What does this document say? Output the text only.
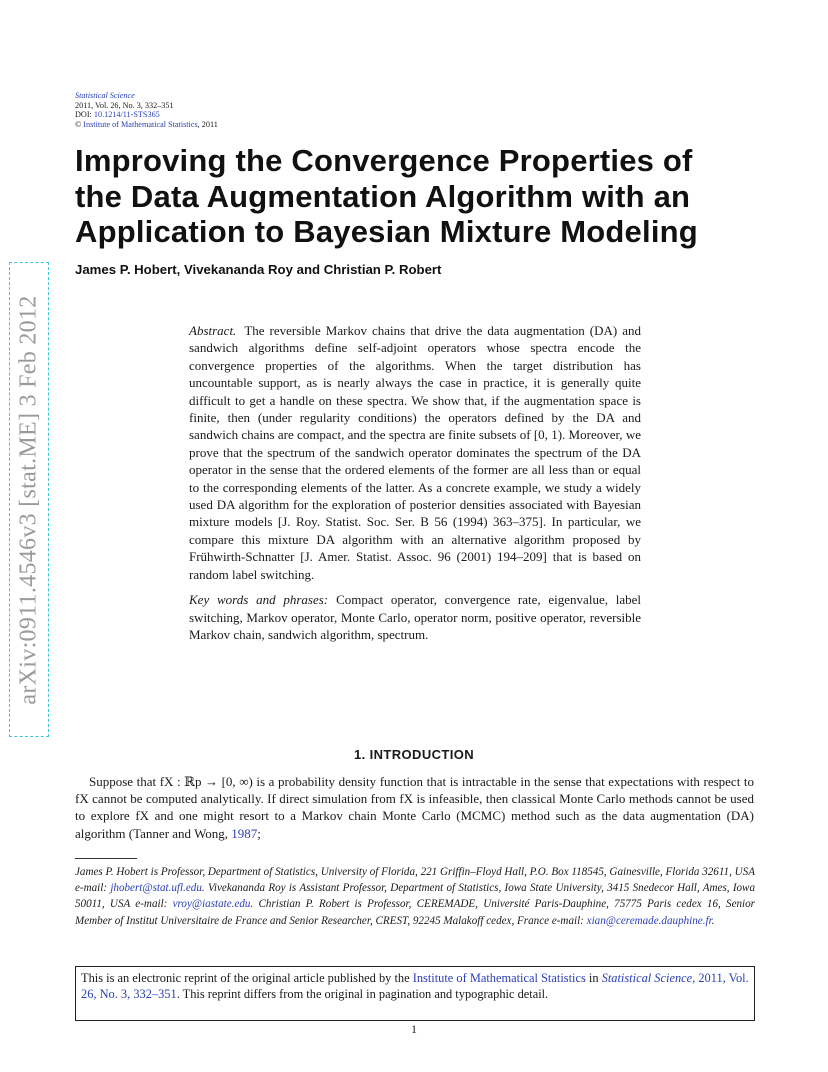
Statistical Science
2011, Vol. 26, No. 3, 332–351
DOI: 10.1214/11-STS365
© Institute of Mathematical Statistics, 2011
Improving the Convergence Properties of
the Data Augmentation Algorithm with an
Application to Bayesian Mixture Modeling
James P. Hobert, Vivekananda Roy and Christian P. Robert
arXiv:0911.4546v3 [stat.ME] 3 Feb 2012	Abstract. The reversible Markov chains that drive the data augmentation (DA) and sandwich algorithms define self-adjoint operators whose spectra encode the convergence properties of the algorithms. When the target distribution has uncountable support, as is nearly always the case in practice, it is generally quite difficult to get a handle on these spectra. We show that, if the augmentation space is finite, then (under regularity conditions) the operators defined by the DA and sandwich chains are compact, and the spectra are finite subsets of [0, 1). Moreover, we prove that the spectrum of the sandwich operator dominates the spectrum of the DA operator in the sense that the ordered elements of the former are all less than or equal to the corresponding elements of the latter. As a concrete example, we study a widely used DA algorithm for the exploration of posterior densities associated with Bayesian mixture models [J. Roy. Statist. Soc. Ser. B 56 (1994) 363–375]. In particular, we compare this mixture DA algorithm with an alternative algorithm proposed by Frühwirth-Schnatter [J. Amer. Statist. Assoc. 96 (2001) 194–209] that is based on random label switching.

Key words and phrases: Compact operator, convergence rate, eigenvalue, label switching, Markov operator, Monte Carlo, operator norm, positive operator, reversible Markov chain, sandwich algorithm, spectrum.

1. INTRODUCTION

Suppose that fX : ℝp → [0, ∞) is a probability density function that is intractable in the sense that expectations with respect to fX cannot be computed analytically. If direct simulation from fX is infeasible, then classical Monte Carlo methods cannot be used to explore fX and one might resort to a Markov chain Monte Carlo (MCMC) method such as the data augmentation (DA) algorithm (Tanner and Wong, 1987;

James P. Hobert is Professor, Department of Statistics, University of Florida, 221 Griffin–Floyd Hall, P.O. Box 118545, Gainesville, Florida 32611, USA e-mail: jhobert@stat.ufl.edu. Vivekananda Roy is Assistant Professor, Department of Statistics, Iowa State University, 3415 Snedecor Hall, Ames, Iowa 50011, USA e-mail: vroy@iastate.edu. Christian P. Robert is Professor, CEREMADE, Université Paris-Dauphine, 75775 Paris cedex 16, Senior Member of Institut Universitaire de France and Senior Researcher, CREST, 92245 Malakoff cedex, France e-mail: xian@ceremade.dauphine.fr.

This is an electronic reprint of the original article published by the Institute of Mathematical Statistics in Statistical Science, 2011, Vol. 26, No. 3, 332–351. This reprint differs from the original in pagination and typographic detail.
1
